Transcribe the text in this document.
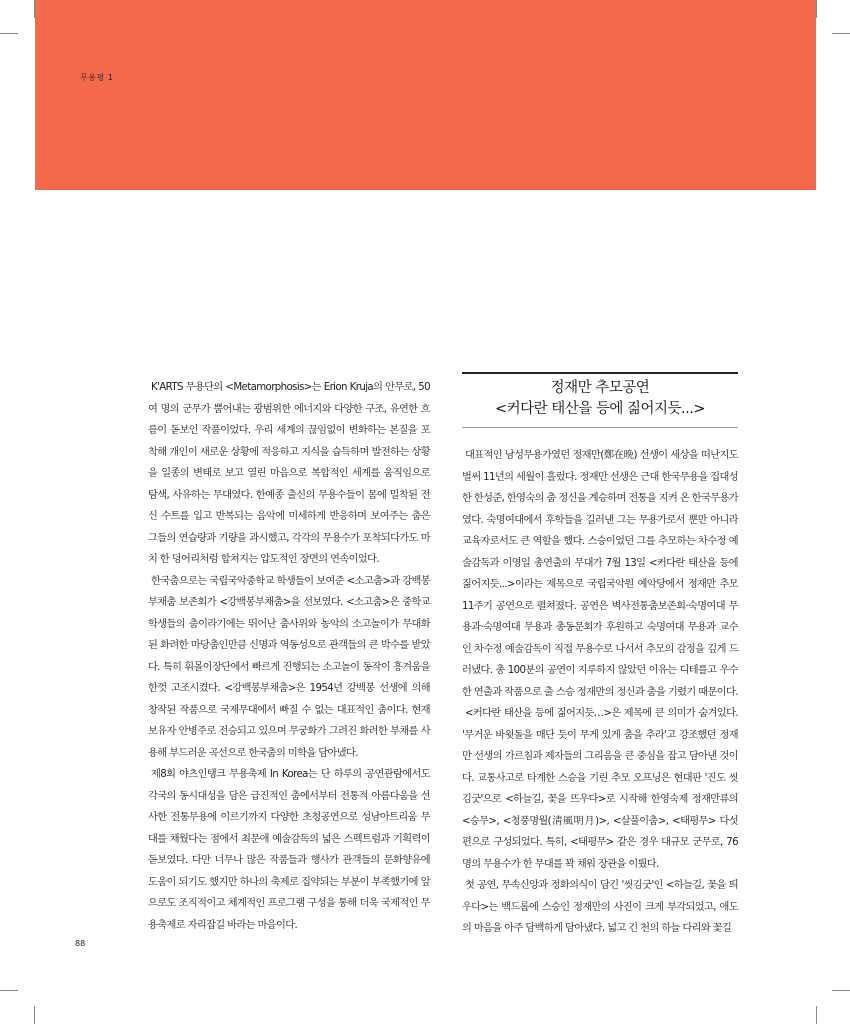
무용평 1

K'ARTS 무용단의 <Metamorphosis>는 Erion Kruja의 안무로, 50여 명의 군무가 뿜어내는 광범위한 에너지와 다양한 구조, 유연한 흐름이 돋보인 작품이었다. 우리 세계의 끊임없이 변화하는 본질을 포착해 개인이 새로운 상황에 적응하고 지식을 습득하며 발전하는 상황을 일종의 변태로 보고 열린 마음으로 복합적인 세계를 움직임으로 탐색, 사유하는 무대였다. 한예종 출신의 무용수들이 몸에 밀착된 전신 수트를 입고 반복되는 음악에 미세하게 반응하며 보여주는 춤은 그들의 연습량과 기량을 과시했고, 각각의 무용수가 포착되다가도 마치 한 덩어리처럼 합쳐지는 압도적인 장면의 연속이었다.

한국춤으로는 국립국악중학교 학생들이 보여준 <소고춤>과 강백봉부채춤 보존회가 <강백봉부채춤>을 선보였다. <소고춤>은 중학교 학생들의 춤이라기에는 뛰어난 춤사위와 농악의 소고놀이가 무대화된 화려한 마당춤인만큼 신명과 역동성으로 관객들의 큰 박수를 받았다. 특히 휘몰이장단에서 빠르게 진행되는 소고놀이 동작이 흥겨움을 한껏 고조시켰다. <강백봉부채춤>은 1954년 강백봉 선생에 의해 창작된 작품으로 국제무대에서 빠질 수 없는 대표적인 춤이다. 현재 보유자 안병주로 전승되고 있으며 무궁화가 그려진 화려한 부채를 사용해 부드러운 곡선으로 한국춤의 미학을 담아냈다.

제8회 야츠인탱크 무용축제 In Korea는 단 하루의 공연관람에서도 각국의 동시대성을 담은 급진적인 춤에서부터 전통적 아름다움을 선사한 전통무용에 이르기까지 다양한 초청공연으로 성남아트리움 무대를 채웠다는 점에서 최문애 예술감독의 넓은 스펙트럼과 기획력이 돋보였다. 다만 너무나 많은 작품들과 행사가 관객들의 문화향유에 도움이 되기도 했지만 하나의 축제로 집약되는 부분이 부족했기에 앞으로도 조직적이고 체계적인 프로그램 구성을 통해 더욱 국제적인 무용축제로 자리잡길 바라는 마음이다.

정재만 추모공연
<커다란 태산을 등에 짊어지듯...>

대표적인 남성무용가였던 정재만(鄭在晩) 선생이 세상을 떠난지도 벌써 11년의 세월이 흘렀다. 정재만 선생은 근대 한국무용을 집대성한 한성준, 한영숙의 춤 정신을 계승하며 전통을 지켜 온 한국무용가였다. 숙명여대에서 후학들을 길러낸 그는 무용가로서 뿐만 아니라 교육자로서도 큰 역할을 했다. 스승이었던 그를 추모하는 차수정 예술감독과 이영일 총연출의 무대가 7월 13일 <커다란 태산을 등에 짊어지듯...>이라는 제목으로 국립국악원 예악당에서 정재만 추모 11주기 공연으로 펼쳐졌다. 공연은 벽사전통춤보존회·숙명여대 무용과·숙명여대 무용과 총동문회가 후원하고 숙명여대 무용과 교수인 차수정 예술감독이 직접 무용수로 나서서 추모의 감정을 깊게 드러냈다. 총 100분의 공연이 지루하지 않았던 이유는 디테를고 우수한 연출과 작품으로 출 스승 정재만의 정신과 춤을 기렸기 때문이다.

<커다란 태산을 등에 짊어지듯…>은 제목에 큰 의미가 숨겨있다. '무거운 바윗돌을 매단 듯이 무게 있게 춤을 추라'고 강조했던 정재만 선생의 가르침과 제자들의 그리움을 큰 중심을 잡고 담아낸 것이다. 교통사고로 타계한 스승을 기린 추모 오프닝은 현대판 '진도 씻김굿'으로 <하늘길, 꽃을 뜨우다>로 시작해 한영숙제 정재만류의 <승무>, <청풍명월(淸風明月)>, <살풀이춤>, <태평무> 다섯 편으로 구성되었다. 특히, <태평무> 같은 경우 대규모 군무로, 76명의 무용수가 한 무대를 꽉 채워 장관을 이뤘다.

첫 공연, 무속신앙과 정화의식이 담긴 '씻김굿'인 <하늘길, 꽃을 띄우다>는 백드롭에 스승인 정재만의 사진이 크게 부각되었고, 애도의 마음을 아주 담백하게 담아냈다. 넓고 긴 천의 하늘 다리와 꽃길

88
